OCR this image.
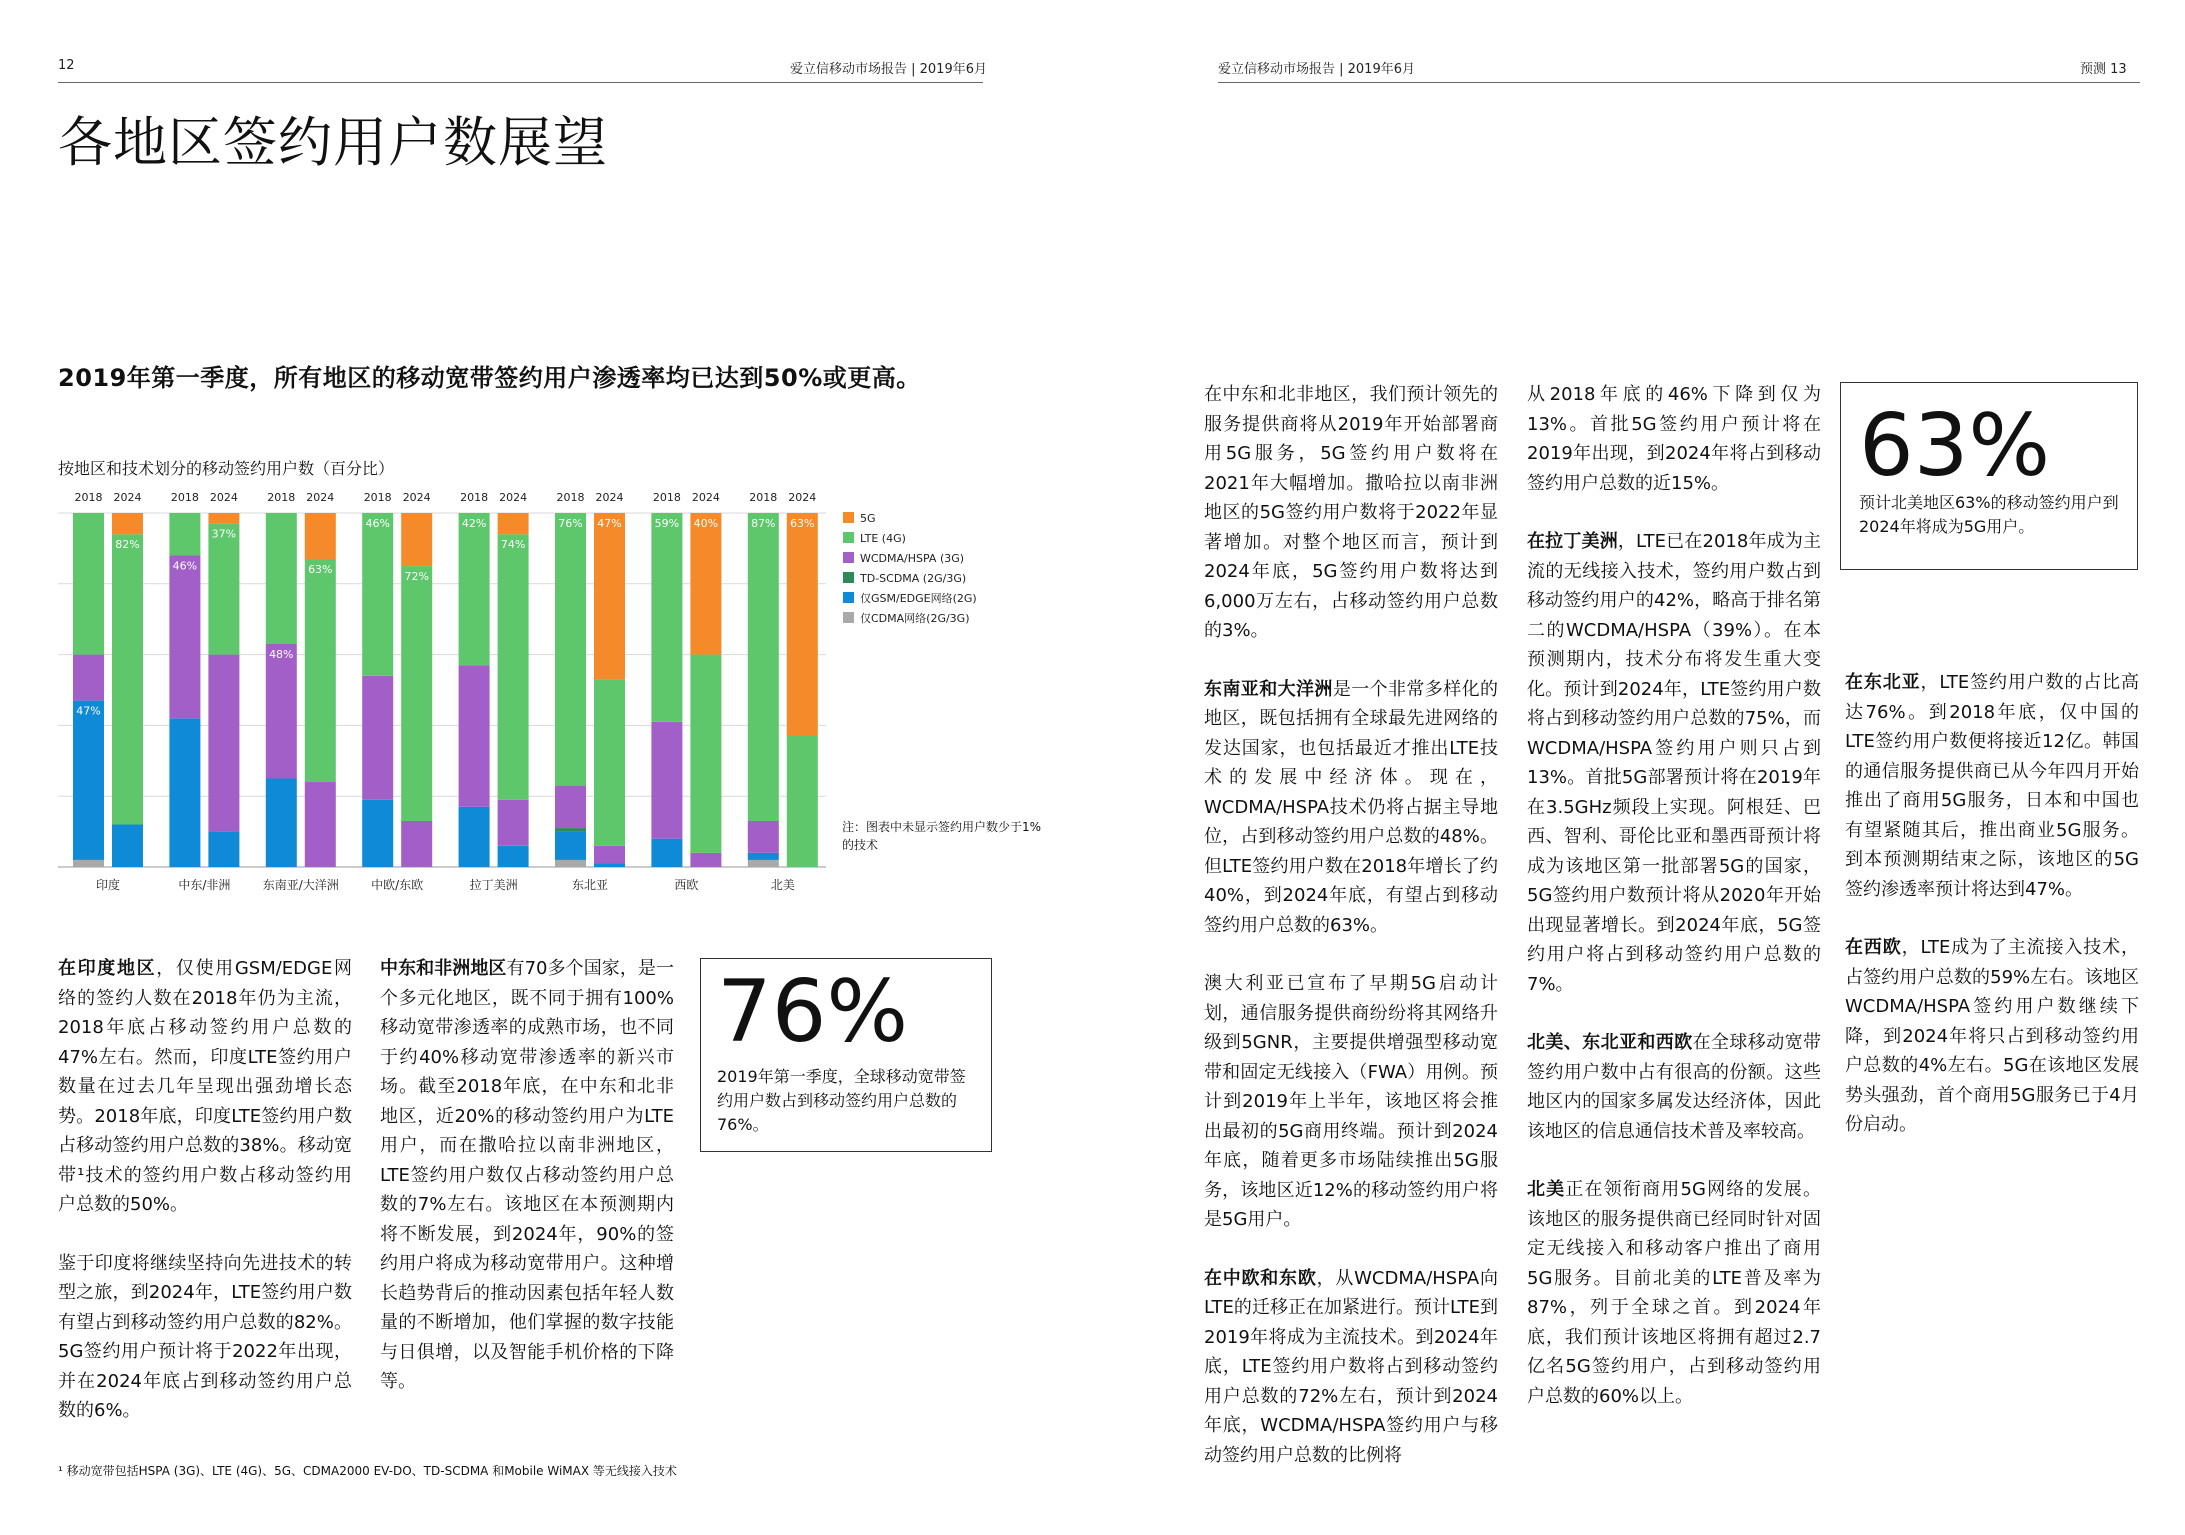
12	爱立信移动市场报告 | 2019年6月
各地区签约用户数展望
2019年第一季度，所有地区的移动宽带签约用户渗透率均已达到50%或更高。
按地区和技术划分的移动签约用户数（百分比）
2018
47%
2024
82%
印度
2018
46%
2024
37%
中东/非洲
2018
48%
2024
63%
东南亚/大洋洲
2018
46%
2024
72%
中欧/东欧
2018
42%
2024
74%
拉丁美洲
2018
76%
2024
47%
东北亚
2018
59%
2024
40%
西欧
2018
87%
2024
63%
北美
5G
LTE (4G)
WCDMA/HSPA (3G)
TD-SCDMA (2G/3G)
仅GSM/EDGE网络(2G)
仅CDMA网络(2G/3G)
注：图表中未显示签约用户数少于1%的技术
76%
2019年第一季度，全球移动宽带签约用户数占到移动签约用户总数的76%。

在印度地区，仅使用GSM/EDGE网络的签约人数在2018年仍为主流，2018年底占移动签约用户总数的47%左右。然而，印度LTE签约用户数量在过去几年呈现出强劲增长态势。2018年底，印度LTE签约用户数占移动签约用户总数的38%。移动宽带¹技术的签约用户数占移动签约用户总数的50%。

鉴于印度将继续坚持向先进技术的转型之旅，到2024年，LTE签约用户数有望占到移动签约用户总数的82%。5G签约用户预计将于2022年出现，并在2024年底占到移动签约用户总数的6%。

中东和非洲地区有70多个国家，是一个多元化地区，既不同于拥有100%移动宽带渗透率的成熟市场，也不同于约40%移动宽带渗透率的新兴市场。截至2018年底，在中东和北非地区，近20%的移动签约用户为LTE用户，而在撒哈拉以南非洲地区，LTE签约用户数仅占移动签约用户总数的7%左右。该地区在本预测期内将不断发展，到2024年，90%的签约用户将成为移动宽带用户。这种增长趋势背后的推动因素包括年轻人数量的不断增加，他们掌握的数字技能与日俱增，以及智能手机价格的下降等。

¹ 移动宽带包括HSPA (3G)、LTE (4G)、5G、CDMA2000 EV-DO、TD-SCDMA 和Mobile WiMAX 等无线接入技术
爱立信移动市场报告 | 2019年6月	预测 13

在中东和北非地区，我们预计领先的服务提供商将从2019年开始部署商用5G服务，5G签约用户数将在2021年大幅增加。撒哈拉以南非洲地区的5G签约用户数将于2022年显著增加。对整个地区而言，预计到2024年底，5G签约用户数将达到6,000万左右，占移动签约用户总数的3%。

东南亚和大洋洲是一个非常多样化的地区，既包括拥有全球最先进网络的发达国家，也包括最近才推出LTE技术的发展中经济体。现在，WCDMA/HSPA技术仍将占据主导地位，占到移动签约用户总数的48%。但LTE签约用户数在2018年增长了约40%，到2024年底，有望占到移动签约用户总数的63%。

澳大利亚已宣布了早期5G启动计划，通信服务提供商纷纷将其网络升级到5GNR，主要提供增强型移动宽带和固定无线接入（FWA）用例。预计到2019年上半年，该地区将会推出最初的5G商用终端。预计到2024年底，随着更多市场陆续推出5G服务，该地区近12%的移动签约用户将是5G用户。

在中欧和东欧，从WCDMA/HSPA向LTE的迁移正在加紧进行。预计LTE到2019年将成为主流技术。到2024年底，LTE签约用户数将占到移动签约用户总数的72%左右，预计到2024年底，WCDMA/HSPA签约用户与移动签约用户总数的比例将

从2018年底的46%下降到仅为13%。首批5G签约用户预计将在2019年出现，到2024年将占到移动签约用户总数的近15%。

在拉丁美洲，LTE已在2018年成为主流的无线接入技术，签约用户数占到移动签约用户的42%，略高于排名第二的WCDMA/HSPA（39%）。在本预测期内，技术分布将发生重大变化。预计到2024年，LTE签约用户数将占到移动签约用户总数的75%，而WCDMA/HSPA签约用户则只占到13%。首批5G部署预计将在2019年在3.5GHz频段上实现。阿根廷、巴西、智利、哥伦比亚和墨西哥预计将成为该地区第一批部署5G的国家，5G签约用户数预计将从2020年开始出现显著增长。到2024年底，5G签约用户将占到移动签约用户总数的7%。

北美、东北亚和西欧在全球移动宽带签约用户数中占有很高的份额。这些地区内的国家多属发达经济体，因此该地区的信息通信技术普及率较高。

北美正在领衔商用5G网络的发展。该地区的服务提供商已经同时针对固定无线接入和移动客户推出了商用5G服务。目前北美的LTE普及率为87%，列于全球之首。到2024年底，我们预计该地区将拥有超过2.7亿名5G签约用户，占到移动签约用户总数的60%以上。

63%
预计北美地区63%的移动签约用户到2024年将成为5G用户。

在东北亚，LTE签约用户数的占比高达76%。到2018年底，仅中国的LTE签约用户数便将接近12亿。韩国的通信服务提供商已从今年四月开始推出了商用5G服务，日本和中国也有望紧随其后，推出商业5G服务。到本预测期结束之际，该地区的5G签约渗透率预计将达到47%。

在西欧，LTE成为了主流接入技术，占签约用户总数的59%左右。该地区WCDMA/HSPA签约用户数继续下降，到2024年将只占到移动签约用户总数的4%左右。5G在该地区发展势头强劲，首个商用5G服务已于4月份启动。
